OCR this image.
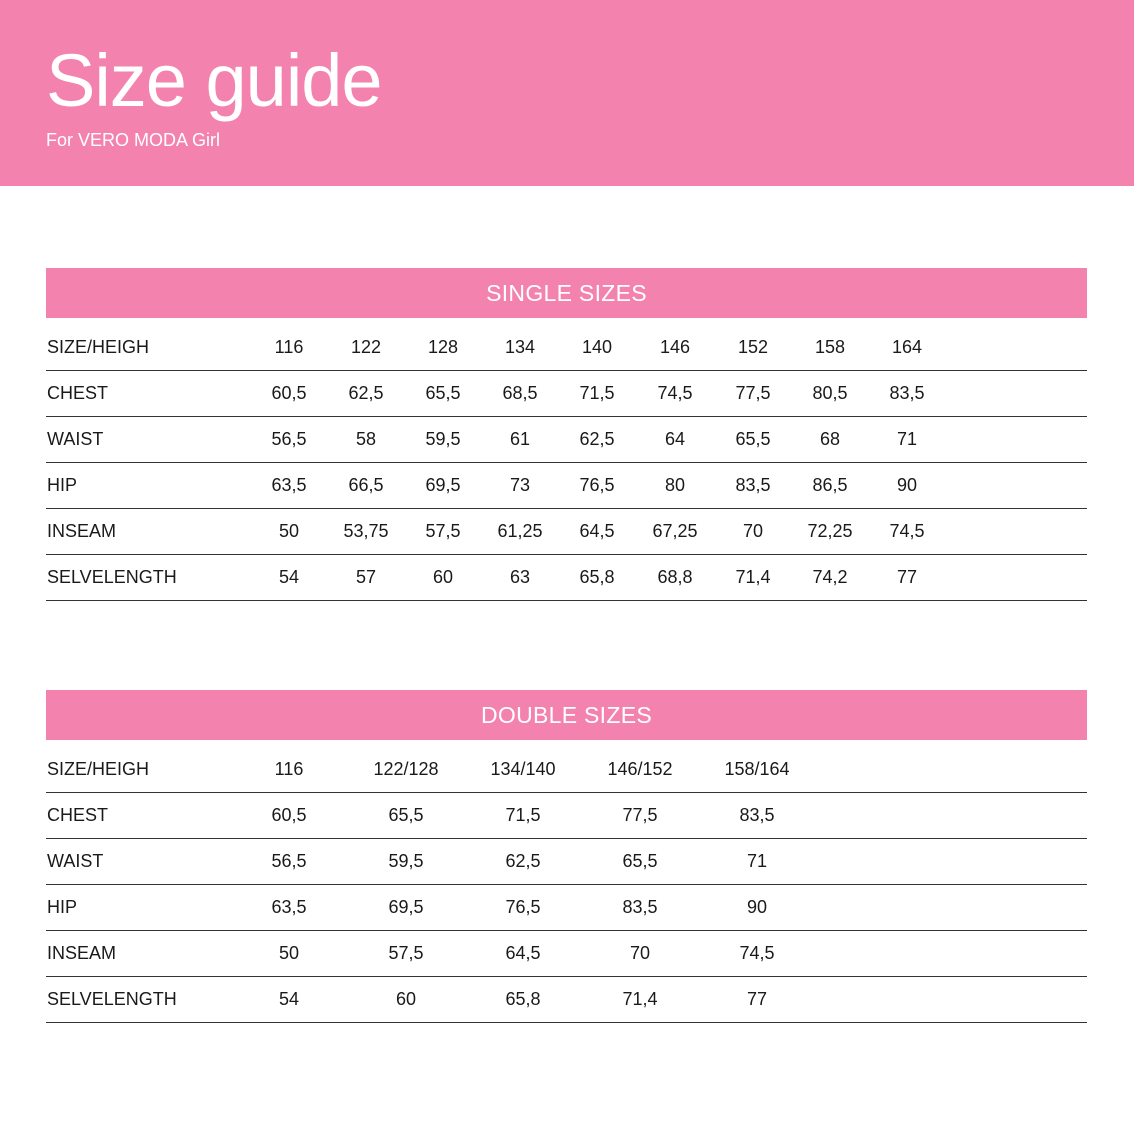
Size guide
For VERO MODA Girl
SINGLE SIZES
SIZE/HEIGH	116	122	128	134	140	146	152	158	164
CHEST	60,5	62,5	65,5	68,5	71,5	74,5	77,5	80,5	83,5
WAIST	56,5	58	59,5	61	62,5	64	65,5	68	71
HIP	63,5	66,5	69,5	73	76,5	80	83,5	86,5	90
INSEAM	50	53,75	57,5	61,25	64,5	67,25	70	72,25	74,5
SELVELENGTH	54	57	60	63	65,8	68,8	71,4	74,2	77
DOUBLE SIZES
SIZE/HEIGH	116	122/128	134/140	146/152	158/164
CHEST	60,5	65,5	71,5	77,5	83,5
WAIST	56,5	59,5	62,5	65,5	71
HIP	63,5	69,5	76,5	83,5	90
INSEAM	50	57,5	64,5	70	74,5
SELVELENGTH	54	60	65,8	71,4	77
